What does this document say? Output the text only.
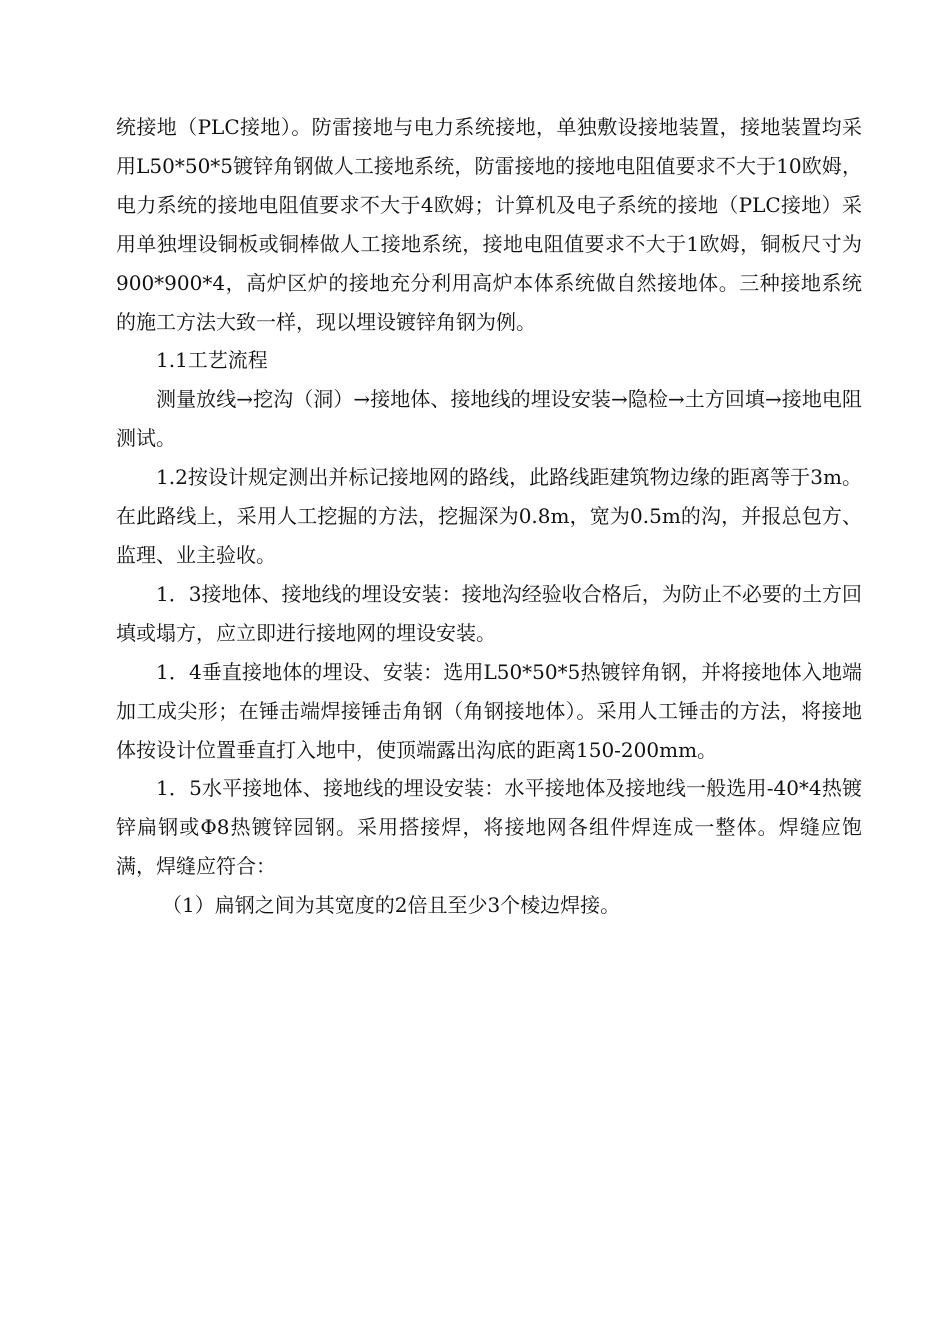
统接地（PLC接地）。防雷接地与电力系统接地，单独敷设接地装置，接地装置均采用L50*50*5镀锌角钢做人工接地系统，防雷接地的接地电阻值要求不大于10欧姆，电力系统的接地电阻值要求不大于4欧姆；计算机及电子系统的接地（PLC接地）采用单独埋设铜板或铜棒做人工接地系统，接地电阻值要求不大于1欧姆，铜板尺寸为900*900*4，高炉区炉的接地充分利用高炉本体系统做自然接地体。三种接地系统的施工方法大致一样，现以埋设镀锌角钢为例。

1.1工艺流程

测量放线→挖沟（洞）→接地体、接地线的埋设安装→隐检→土方回填→接地电阻测试。

1.2按设计规定测出并标记接地网的路线，此路线距建筑物边缘的距离等于3m。在此路线上，采用人工挖掘的方法，挖掘深为0.8m，宽为0.5m的沟，并报总包方、监理、业主验收。

1．3接地体、接地线的埋设安装：接地沟经验收合格后，为防止不必要的土方回填或塌方，应立即进行接地网的埋设安装。

1．4垂直接地体的埋设、安装：选用L50*50*5热镀锌角钢，并将接地体入地端加工成尖形；在锤击端焊接锤击角钢（角钢接地体）。采用人工锤击的方法，将接地体按设计位置垂直打入地中，使顶端露出沟底的距离150-200mm。

1．5水平接地体、接地线的埋设安装：水平接地体及接地线一般选用-40*4热镀锌扁钢或Φ8热镀锌园钢。采用搭接焊，将接地网各组件焊连成一整体。焊缝应饱满，焊缝应符合：

（1）扁钢之间为其宽度的2倍且至少3个棱边焊接。
